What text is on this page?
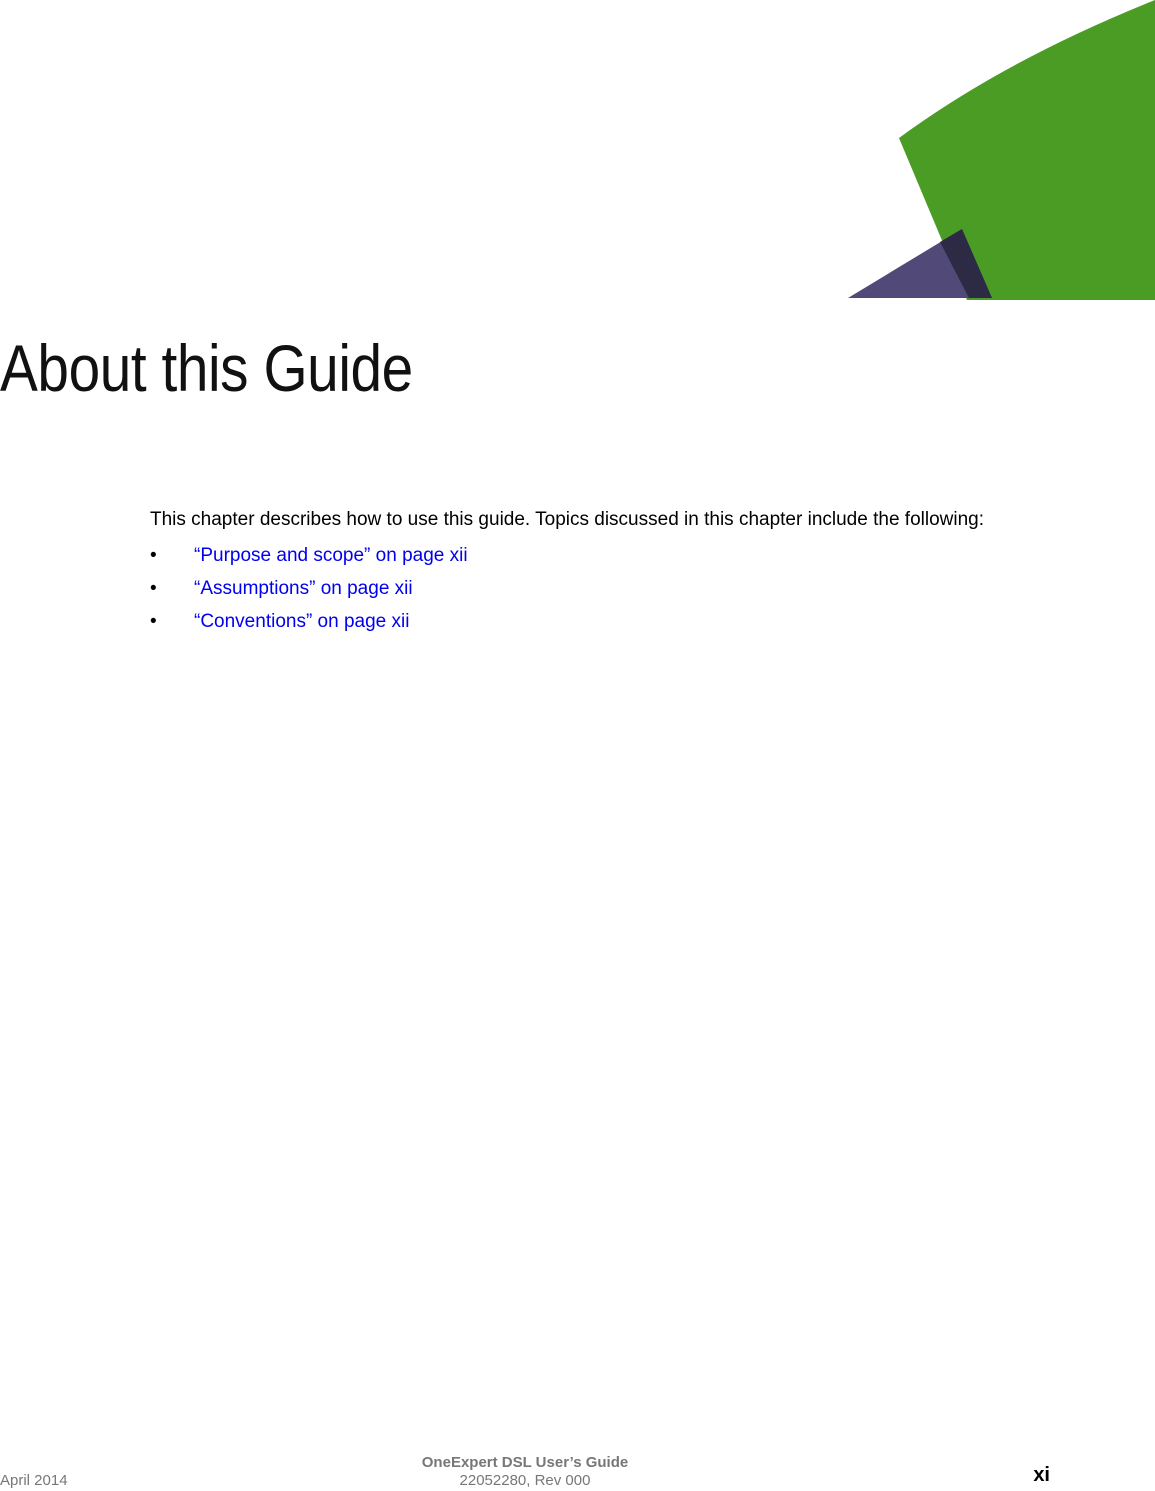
About this Guide

This chapter describes how to use this guide. Topics discussed in this chapter include the following:

• “Purpose and scope” on page xii
• “Assumptions” on page xii
• “Conventions” on page xii
OneExpert DSL User’s Guide
April 2014	22052280, Rev 000	xi
